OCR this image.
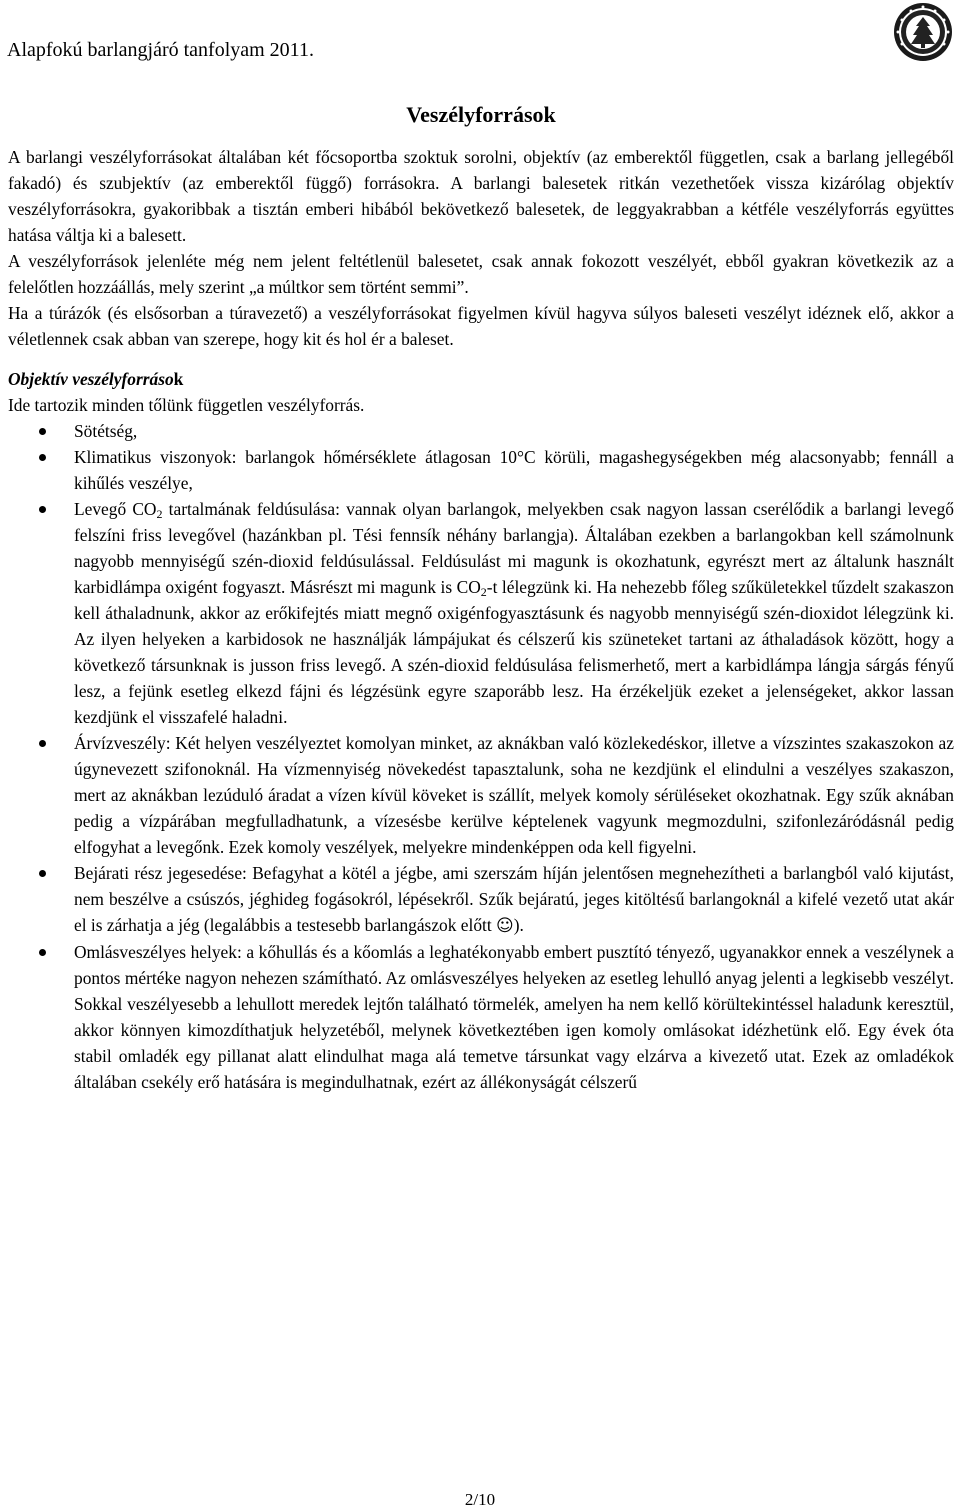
Alapfokú barlangjáró tanfolyam 2011.
Veszélyforrások

A barlangi veszélyforrásokat általában két főcsoportba szoktuk sorolni, objektív (az emberektől független, csak a barlang jellegéből fakadó) és szubjektív (az emberektől függő) forrásokra. A barlangi balesetek ritkán vezethetőek vissza kizárólag objektív veszélyforrásokra, gyakoribbak a tisztán emberi hibából bekövetkező balesetek, de leggyakrabban a kétféle veszélyforrás együttes hatása váltja ki a balesett.

A veszélyforrások jelenléte még nem jelent feltétlenül balesetet, csak annak fokozott veszélyét, ebből gyakran következik az a felelőtlen hozzáállás, mely szerint „a múltkor sem történt semmi”.

Ha a túrázók (és elsősorban a túravezető) a veszélyforrásokat figyelmen kívül hagyva súlyos baleseti veszélyt idéznek elő, akkor a véletlennek csak abban van szerepe, hogy kit és hol ér a baleset.

Objektív veszélyforrások

Ide tartozik minden tőlünk független veszélyforrás.

Sötétség,
Klimatikus viszonyok: barlangok hőmérséklete átlagosan 10°C körüli, magashegységekben még alacsonyabb; fennáll a kihűlés veszélye,
Levegő $CO_2$ tartalmának feldúsulása: vannak olyan barlangok, melyekben csak nagyon lassan cserélődik a barlangi levegő felszíni friss levegővel (hazánkban pl. Tési fennsík néhány barlangja). Általában ezekben a barlangokban kell számolnunk nagyobb mennyiségű szén-dioxid feldúsulással. Feldúsulást mi magunk is okozhatunk, egyrészt mert az általunk használt karbidlámpa oxigént fogyaszt. Másrészt mi magunk is $CO_2-t$ lélegzünk ki. Ha nehezebb főleg szűkületekkel tűzdelt szakaszon kell áthaladnunk, akkor az erőkifejtés miatt megnő oxigénfogyasztásunk és nagyobb mennyiségű szén-dioxidot lélegzünk ki. Az ilyen helyeken a karbidosok ne használják lámpájukat és célszerű kis szüneteket tartani az áthaladások között, hogy a következő társunknak is jusson friss levegő. A szén-dioxid feldúsulása felismerhető, mert a karbidlámpa lángja sárgás fényű lesz, a fejünk esetleg elkezd fájni és légzésünk egyre szaporább lesz. Ha érzékeljük ezeket a jelenségeket, akkor lassan kezdjünk el visszafelé haladni.
Árvízveszély: Két helyen veszélyeztet komolyan minket, az aknákban való közlekedéskor, illetve a vízszintes szakaszokon az úgynevezett szifonoknál. Ha vízmennyiség növekedést tapasztalunk, soha ne kezdjünk el elindulni a veszélyes szakaszon, mert az aknákban lezúduló áradat a vízen kívül köveket is szállít, melyek komoly sérüléseket okozhatnak. Egy szűk aknában pedig a vízpárában megfulladhatunk, a vízesésbe kerülve képtelenek vagyunk megmozdulni, szifonlezáródásnál pedig elfogyhat a levegőnk. Ezek komoly veszélyek, melyekre mindenképpen oda kell figyelni.
Bejárati rész jegesedése: Befagyhat a kötél a jégbe, ami szerszám híján jelentősen megnehezítheti a barlangból való kijutást, nem beszélve a csúszós, jéghideg fogásokról, lépésekről. Szűk bejáratú, jeges kitöltésű barlangoknál a kifelé vezető utat akár el is zárhatja a jég (legalábbis a testesebb barlangászok előtt ☺).
Omlásveszélyes helyek: a kőhullás és a kőomlás a leghatékonyabb embert pusztító tényező, ugyanakkor ennek a veszélynek a pontos mértéke nagyon nehezen számítható. Az omlásveszélyes helyeken az esetleg lehulló anyag jelenti a legkisebb veszélyt. Sokkal veszélyesebb a lehullott meredek lejtőn található törmelék, amelyen ha nem kellő körültekintéssel haladunk keresztül, akkor könnyen kimozdíthatjuk helyzetéből, melynek következtében igen komoly omlásokat idézhetünk elő. Egy évek óta stabil omladék egy pillanat alatt elindulhat maga alá temetve társunkat vagy elzárva a kivezető utat. Ezek az omladékok általában csekély erő hatására is megindulhatnak, ezért az állékonyságát célszerű
2/10
